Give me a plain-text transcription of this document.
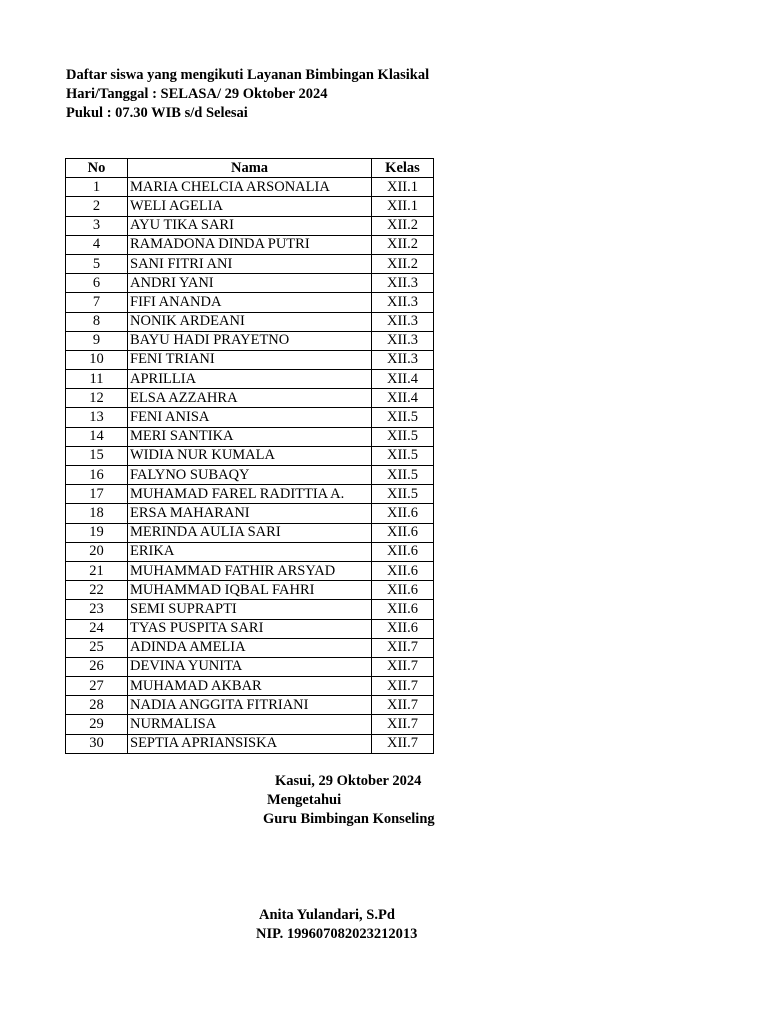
Daftar siswa yang mengikuti Layanan Bimbingan Klasikal
Hari/Tanggal : SELASA/ 29 Oktober 2024
Pukul : 07.30 WIB s/d Selesai
No	Nama	Kelas
1	MARIA CHELCIA ARSONALIA	XII.1
2	WELI AGELIA	XII.1
3	AYU TIKA SARI	XII.2
4	RAMADONA DINDA PUTRI	XII.2
5	SANI FITRI ANI	XII.2
6	ANDRI YANI	XII.3
7	FIFI ANANDA	XII.3
8	NONIK ARDEANI	XII.3
9	BAYU HADI PRAYETNO	XII.3
10	FENI TRIANI	XII.3
11	APRILLIA	XII.4
12	ELSA AZZAHRA	XII.4
13	FENI ANISA	XII.5
14	MERI SANTIKA	XII.5
15	WIDIA NUR KUMALA	XII.5
16	FALYNO SUBAQY	XII.5
17	MUHAMAD FAREL RADITTIA A.	XII.5
18	ERSA MAHARANI	XII.6
19	MERINDA AULIA SARI	XII.6
20	ERIKA	XII.6
21	MUHAMMAD FATHIR ARSYAD	XII.6
22	MUHAMMAD IQBAL FAHRI	XII.6
23	SEMI SUPRAPTI	XII.6
24	TYAS PUSPITA SARI	XII.6
25	ADINDA AMELIA	XII.7
26	DEVINA YUNITA	XII.7
27	MUHAMAD AKBAR	XII.7
28	NADIA ANGGITA FITRIANI	XII.7
29	NURMALISA	XII.7
30	SEPTIA APRIANSISKA	XII.7
Kasui, 29 Oktober 2024
Mengetahui
Guru Bimbingan Konseling
Anita Yulandari, S.Pd
NIP. 199607082023212013
